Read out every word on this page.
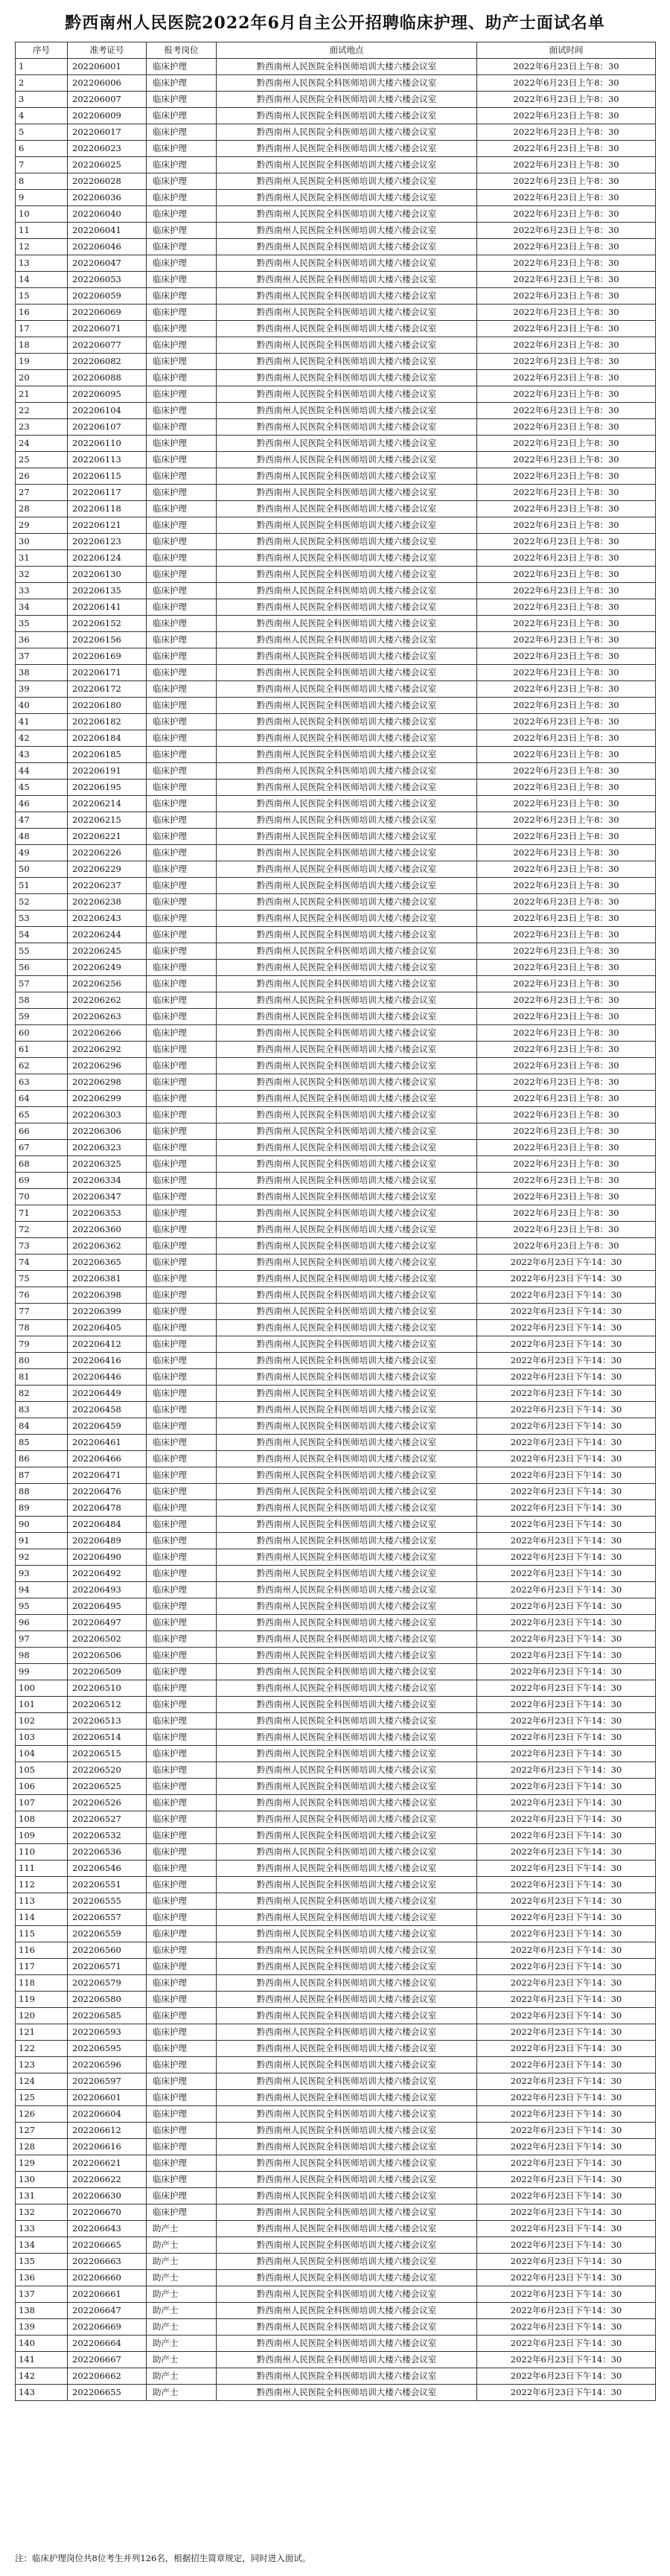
黔西南州人民医院2022年6月自主公开招聘临床护理、助产士面试名单
序号	准考证号	报考岗位	面试地点	面试时间
1	202206001	临床护理	黔西南州人民医院全科医师培训大楼六楼会议室	2022年6月23日上午8：30
2	202206006	临床护理	黔西南州人民医院全科医师培训大楼六楼会议室	2022年6月23日上午8：30
3	202206007	临床护理	黔西南州人民医院全科医师培训大楼六楼会议室	2022年6月23日上午8：30
4	202206009	临床护理	黔西南州人民医院全科医师培训大楼六楼会议室	2022年6月23日上午8：30
5	202206017	临床护理	黔西南州人民医院全科医师培训大楼六楼会议室	2022年6月23日上午8：30
6	202206023	临床护理	黔西南州人民医院全科医师培训大楼六楼会议室	2022年6月23日上午8：30
7	202206025	临床护理	黔西南州人民医院全科医师培训大楼六楼会议室	2022年6月23日上午8：30
8	202206028	临床护理	黔西南州人民医院全科医师培训大楼六楼会议室	2022年6月23日上午8：30
9	202206036	临床护理	黔西南州人民医院全科医师培训大楼六楼会议室	2022年6月23日上午8：30
10	202206040	临床护理	黔西南州人民医院全科医师培训大楼六楼会议室	2022年6月23日上午8：30
11	202206041	临床护理	黔西南州人民医院全科医师培训大楼六楼会议室	2022年6月23日上午8：30
12	202206046	临床护理	黔西南州人民医院全科医师培训大楼六楼会议室	2022年6月23日上午8：30
13	202206047	临床护理	黔西南州人民医院全科医师培训大楼六楼会议室	2022年6月23日上午8：30
14	202206053	临床护理	黔西南州人民医院全科医师培训大楼六楼会议室	2022年6月23日上午8：30
15	202206059	临床护理	黔西南州人民医院全科医师培训大楼六楼会议室	2022年6月23日上午8：30
16	202206069	临床护理	黔西南州人民医院全科医师培训大楼六楼会议室	2022年6月23日上午8：30
17	202206071	临床护理	黔西南州人民医院全科医师培训大楼六楼会议室	2022年6月23日上午8：30
18	202206077	临床护理	黔西南州人民医院全科医师培训大楼六楼会议室	2022年6月23日上午8：30
19	202206082	临床护理	黔西南州人民医院全科医师培训大楼六楼会议室	2022年6月23日上午8：30
20	202206088	临床护理	黔西南州人民医院全科医师培训大楼六楼会议室	2022年6月23日上午8：30
21	202206095	临床护理	黔西南州人民医院全科医师培训大楼六楼会议室	2022年6月23日上午8：30
22	202206104	临床护理	黔西南州人民医院全科医师培训大楼六楼会议室	2022年6月23日上午8：30
23	202206107	临床护理	黔西南州人民医院全科医师培训大楼六楼会议室	2022年6月23日上午8：30
24	202206110	临床护理	黔西南州人民医院全科医师培训大楼六楼会议室	2022年6月23日上午8：30
25	202206113	临床护理	黔西南州人民医院全科医师培训大楼六楼会议室	2022年6月23日上午8：30
26	202206115	临床护理	黔西南州人民医院全科医师培训大楼六楼会议室	2022年6月23日上午8：30
27	202206117	临床护理	黔西南州人民医院全科医师培训大楼六楼会议室	2022年6月23日上午8：30
28	202206118	临床护理	黔西南州人民医院全科医师培训大楼六楼会议室	2022年6月23日上午8：30
29	202206121	临床护理	黔西南州人民医院全科医师培训大楼六楼会议室	2022年6月23日上午8：30
30	202206123	临床护理	黔西南州人民医院全科医师培训大楼六楼会议室	2022年6月23日上午8：30
31	202206124	临床护理	黔西南州人民医院全科医师培训大楼六楼会议室	2022年6月23日上午8：30
32	202206130	临床护理	黔西南州人民医院全科医师培训大楼六楼会议室	2022年6月23日上午8：30
33	202206135	临床护理	黔西南州人民医院全科医师培训大楼六楼会议室	2022年6月23日上午8：30
34	202206141	临床护理	黔西南州人民医院全科医师培训大楼六楼会议室	2022年6月23日上午8：30
35	202206152	临床护理	黔西南州人民医院全科医师培训大楼六楼会议室	2022年6月23日上午8：30
36	202206156	临床护理	黔西南州人民医院全科医师培训大楼六楼会议室	2022年6月23日上午8：30
37	202206169	临床护理	黔西南州人民医院全科医师培训大楼六楼会议室	2022年6月23日上午8：30
38	202206171	临床护理	黔西南州人民医院全科医师培训大楼六楼会议室	2022年6月23日上午8：30
39	202206172	临床护理	黔西南州人民医院全科医师培训大楼六楼会议室	2022年6月23日上午8：30
40	202206180	临床护理	黔西南州人民医院全科医师培训大楼六楼会议室	2022年6月23日上午8：30
41	202206182	临床护理	黔西南州人民医院全科医师培训大楼六楼会议室	2022年6月23日上午8：30
42	202206184	临床护理	黔西南州人民医院全科医师培训大楼六楼会议室	2022年6月23日上午8：30
43	202206185	临床护理	黔西南州人民医院全科医师培训大楼六楼会议室	2022年6月23日上午8：30
44	202206191	临床护理	黔西南州人民医院全科医师培训大楼六楼会议室	2022年6月23日上午8：30
45	202206195	临床护理	黔西南州人民医院全科医师培训大楼六楼会议室	2022年6月23日上午8：30
46	202206214	临床护理	黔西南州人民医院全科医师培训大楼六楼会议室	2022年6月23日上午8：30
47	202206215	临床护理	黔西南州人民医院全科医师培训大楼六楼会议室	2022年6月23日上午8：30
48	202206221	临床护理	黔西南州人民医院全科医师培训大楼六楼会议室	2022年6月23日上午8：30
49	202206226	临床护理	黔西南州人民医院全科医师培训大楼六楼会议室	2022年6月23日上午8：30
50	202206229	临床护理	黔西南州人民医院全科医师培训大楼六楼会议室	2022年6月23日上午8：30
51	202206237	临床护理	黔西南州人民医院全科医师培训大楼六楼会议室	2022年6月23日上午8：30
52	202206238	临床护理	黔西南州人民医院全科医师培训大楼六楼会议室	2022年6月23日上午8：30
53	202206243	临床护理	黔西南州人民医院全科医师培训大楼六楼会议室	2022年6月23日上午8：30
54	202206244	临床护理	黔西南州人民医院全科医师培训大楼六楼会议室	2022年6月23日上午8：30
55	202206245	临床护理	黔西南州人民医院全科医师培训大楼六楼会议室	2022年6月23日上午8：30
56	202206249	临床护理	黔西南州人民医院全科医师培训大楼六楼会议室	2022年6月23日上午8：30
57	202206256	临床护理	黔西南州人民医院全科医师培训大楼六楼会议室	2022年6月23日上午8：30
58	202206262	临床护理	黔西南州人民医院全科医师培训大楼六楼会议室	2022年6月23日上午8：30
59	202206263	临床护理	黔西南州人民医院全科医师培训大楼六楼会议室	2022年6月23日上午8：30
60	202206266	临床护理	黔西南州人民医院全科医师培训大楼六楼会议室	2022年6月23日上午8：30
61	202206292	临床护理	黔西南州人民医院全科医师培训大楼六楼会议室	2022年6月23日上午8：30
62	202206296	临床护理	黔西南州人民医院全科医师培训大楼六楼会议室	2022年6月23日上午8：30
63	202206298	临床护理	黔西南州人民医院全科医师培训大楼六楼会议室	2022年6月23日上午8：30
64	202206299	临床护理	黔西南州人民医院全科医师培训大楼六楼会议室	2022年6月23日上午8：30
65	202206303	临床护理	黔西南州人民医院全科医师培训大楼六楼会议室	2022年6月23日上午8：30
66	202206306	临床护理	黔西南州人民医院全科医师培训大楼六楼会议室	2022年6月23日上午8：30
67	202206323	临床护理	黔西南州人民医院全科医师培训大楼六楼会议室	2022年6月23日上午8：30
68	202206325	临床护理	黔西南州人民医院全科医师培训大楼六楼会议室	2022年6月23日上午8：30
69	202206334	临床护理	黔西南州人民医院全科医师培训大楼六楼会议室	2022年6月23日上午8：30
70	202206347	临床护理	黔西南州人民医院全科医师培训大楼六楼会议室	2022年6月23日上午8：30
71	202206353	临床护理	黔西南州人民医院全科医师培训大楼六楼会议室	2022年6月23日上午8：30
72	202206360	临床护理	黔西南州人民医院全科医师培训大楼六楼会议室	2022年6月23日上午8：30
73	202206362	临床护理	黔西南州人民医院全科医师培训大楼六楼会议室	2022年6月23日上午8：30
74	202206365	临床护理	黔西南州人民医院全科医师培训大楼六楼会议室	2022年6月23日下午14：30
75	202206381	临床护理	黔西南州人民医院全科医师培训大楼六楼会议室	2022年6月23日下午14：30
76	202206398	临床护理	黔西南州人民医院全科医师培训大楼六楼会议室	2022年6月23日下午14：30
77	202206399	临床护理	黔西南州人民医院全科医师培训大楼六楼会议室	2022年6月23日下午14：30
78	202206405	临床护理	黔西南州人民医院全科医师培训大楼六楼会议室	2022年6月23日下午14：30
79	202206412	临床护理	黔西南州人民医院全科医师培训大楼六楼会议室	2022年6月23日下午14：30
80	202206416	临床护理	黔西南州人民医院全科医师培训大楼六楼会议室	2022年6月23日下午14：30
81	202206446	临床护理	黔西南州人民医院全科医师培训大楼六楼会议室	2022年6月23日下午14：30
82	202206449	临床护理	黔西南州人民医院全科医师培训大楼六楼会议室	2022年6月23日下午14：30
83	202206458	临床护理	黔西南州人民医院全科医师培训大楼六楼会议室	2022年6月23日下午14：30
84	202206459	临床护理	黔西南州人民医院全科医师培训大楼六楼会议室	2022年6月23日下午14：30
85	202206461	临床护理	黔西南州人民医院全科医师培训大楼六楼会议室	2022年6月23日下午14：30
86	202206466	临床护理	黔西南州人民医院全科医师培训大楼六楼会议室	2022年6月23日下午14：30
87	202206471	临床护理	黔西南州人民医院全科医师培训大楼六楼会议室	2022年6月23日下午14：30
88	202206476	临床护理	黔西南州人民医院全科医师培训大楼六楼会议室	2022年6月23日下午14：30
89	202206478	临床护理	黔西南州人民医院全科医师培训大楼六楼会议室	2022年6月23日下午14：30
90	202206484	临床护理	黔西南州人民医院全科医师培训大楼六楼会议室	2022年6月23日下午14：30
91	202206489	临床护理	黔西南州人民医院全科医师培训大楼六楼会议室	2022年6月23日下午14：30
92	202206490	临床护理	黔西南州人民医院全科医师培训大楼六楼会议室	2022年6月23日下午14：30
93	202206492	临床护理	黔西南州人民医院全科医师培训大楼六楼会议室	2022年6月23日下午14：30
94	202206493	临床护理	黔西南州人民医院全科医师培训大楼六楼会议室	2022年6月23日下午14：30
95	202206495	临床护理	黔西南州人民医院全科医师培训大楼六楼会议室	2022年6月23日下午14：30
96	202206497	临床护理	黔西南州人民医院全科医师培训大楼六楼会议室	2022年6月23日下午14：30
97	202206502	临床护理	黔西南州人民医院全科医师培训大楼六楼会议室	2022年6月23日下午14：30
98	202206506	临床护理	黔西南州人民医院全科医师培训大楼六楼会议室	2022年6月23日下午14：30
99	202206509	临床护理	黔西南州人民医院全科医师培训大楼六楼会议室	2022年6月23日下午14：30
100	202206510	临床护理	黔西南州人民医院全科医师培训大楼六楼会议室	2022年6月23日下午14：30
101	202206512	临床护理	黔西南州人民医院全科医师培训大楼六楼会议室	2022年6月23日下午14：30
102	202206513	临床护理	黔西南州人民医院全科医师培训大楼六楼会议室	2022年6月23日下午14：30
103	202206514	临床护理	黔西南州人民医院全科医师培训大楼六楼会议室	2022年6月23日下午14：30
104	202206515	临床护理	黔西南州人民医院全科医师培训大楼六楼会议室	2022年6月23日下午14：30
105	202206520	临床护理	黔西南州人民医院全科医师培训大楼六楼会议室	2022年6月23日下午14：30
106	202206525	临床护理	黔西南州人民医院全科医师培训大楼六楼会议室	2022年6月23日下午14：30
107	202206526	临床护理	黔西南州人民医院全科医师培训大楼六楼会议室	2022年6月23日下午14：30
108	202206527	临床护理	黔西南州人民医院全科医师培训大楼六楼会议室	2022年6月23日下午14：30
109	202206532	临床护理	黔西南州人民医院全科医师培训大楼六楼会议室	2022年6月23日下午14：30
110	202206536	临床护理	黔西南州人民医院全科医师培训大楼六楼会议室	2022年6月23日下午14：30
111	202206546	临床护理	黔西南州人民医院全科医师培训大楼六楼会议室	2022年6月23日下午14：30
112	202206551	临床护理	黔西南州人民医院全科医师培训大楼六楼会议室	2022年6月23日下午14：30
113	202206555	临床护理	黔西南州人民医院全科医师培训大楼六楼会议室	2022年6月23日下午14：30
114	202206557	临床护理	黔西南州人民医院全科医师培训大楼六楼会议室	2022年6月23日下午14：30
115	202206559	临床护理	黔西南州人民医院全科医师培训大楼六楼会议室	2022年6月23日下午14：30
116	202206560	临床护理	黔西南州人民医院全科医师培训大楼六楼会议室	2022年6月23日下午14：30
117	202206571	临床护理	黔西南州人民医院全科医师培训大楼六楼会议室	2022年6月23日下午14：30
118	202206579	临床护理	黔西南州人民医院全科医师培训大楼六楼会议室	2022年6月23日下午14：30
119	202206580	临床护理	黔西南州人民医院全科医师培训大楼六楼会议室	2022年6月23日下午14：30
120	202206585	临床护理	黔西南州人民医院全科医师培训大楼六楼会议室	2022年6月23日下午14：30
121	202206593	临床护理	黔西南州人民医院全科医师培训大楼六楼会议室	2022年6月23日下午14：30
122	202206595	临床护理	黔西南州人民医院全科医师培训大楼六楼会议室	2022年6月23日下午14：30
123	202206596	临床护理	黔西南州人民医院全科医师培训大楼六楼会议室	2022年6月23日下午14：30
124	202206597	临床护理	黔西南州人民医院全科医师培训大楼六楼会议室	2022年6月23日下午14：30
125	202206601	临床护理	黔西南州人民医院全科医师培训大楼六楼会议室	2022年6月23日下午14：30
126	202206604	临床护理	黔西南州人民医院全科医师培训大楼六楼会议室	2022年6月23日下午14：30
127	202206612	临床护理	黔西南州人民医院全科医师培训大楼六楼会议室	2022年6月23日下午14：30
128	202206616	临床护理	黔西南州人民医院全科医师培训大楼六楼会议室	2022年6月23日下午14：30
129	202206621	临床护理	黔西南州人民医院全科医师培训大楼六楼会议室	2022年6月23日下午14：30
130	202206622	临床护理	黔西南州人民医院全科医师培训大楼六楼会议室	2022年6月23日下午14：30
131	202206630	临床护理	黔西南州人民医院全科医师培训大楼六楼会议室	2022年6月23日下午14：30
132	202206670	临床护理	黔西南州人民医院全科医师培训大楼六楼会议室	2022年6月23日下午14：30
133	202206643	助产士	黔西南州人民医院全科医师培训大楼六楼会议室	2022年6月23日下午14：30
134	202206665	助产士	黔西南州人民医院全科医师培训大楼六楼会议室	2022年6月23日下午14：30
135	202206663	助产士	黔西南州人民医院全科医师培训大楼六楼会议室	2022年6月23日下午14：30
136	202206660	助产士	黔西南州人民医院全科医师培训大楼六楼会议室	2022年6月23日下午14：30
137	202206661	助产士	黔西南州人民医院全科医师培训大楼六楼会议室	2022年6月23日下午14：30
138	202206647	助产士	黔西南州人民医院全科医师培训大楼六楼会议室	2022年6月23日下午14：30
139	202206669	助产士	黔西南州人民医院全科医师培训大楼六楼会议室	2022年6月23日下午14：30
140	202206664	助产士	黔西南州人民医院全科医师培训大楼六楼会议室	2022年6月23日下午14：30
141	202206667	助产士	黔西南州人民医院全科医师培训大楼六楼会议室	2022年6月23日下午14：30
142	202206662	助产士	黔西南州人民医院全科医师培训大楼六楼会议室	2022年6月23日下午14：30
143	202206655	助产士	黔西南州人民医院全科医师培训大楼六楼会议室	2022年6月23日下午14：30
注：临床护理岗位共8位考生并列126名，根据招生简章规定，同时进入面试。
